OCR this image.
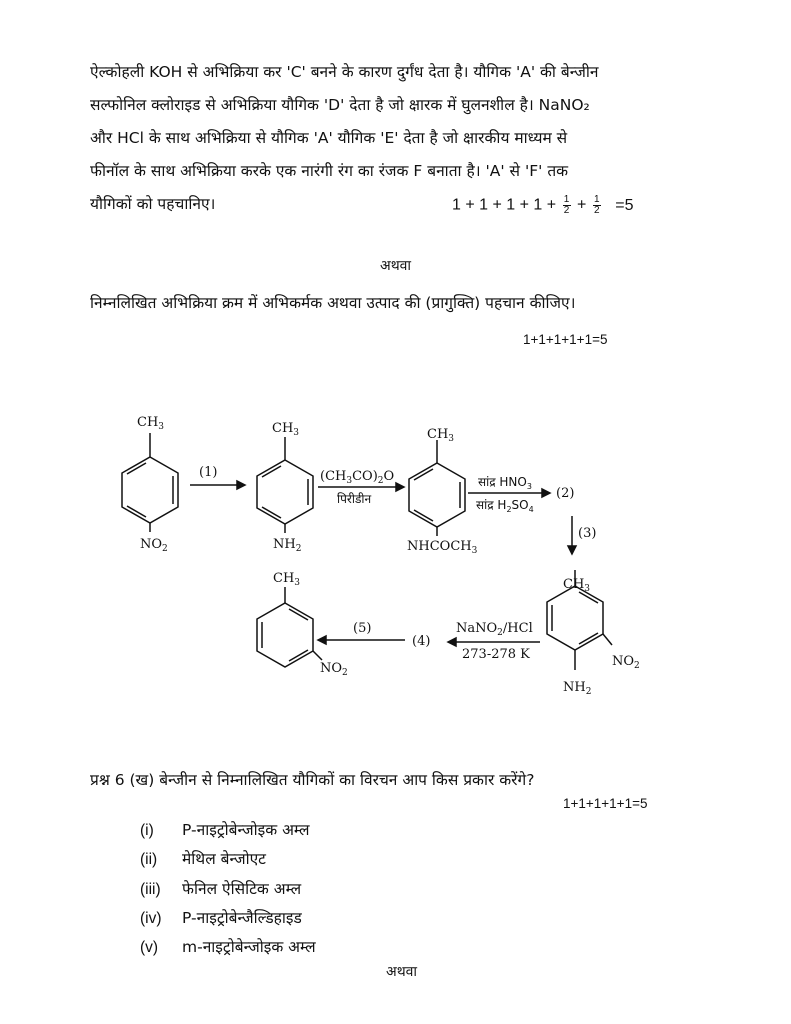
ऐल्कोहली KOH से अभिक्रिया कर 'C' बनने के कारण दुर्गंध देता है। यौगिक 'A' की बेन्जीन
सल्फोनिल क्लोराइड से अभिक्रिया यौगिक 'D' देता है जो क्षारक में घुलनशील है। NaNO₂
और HCl के साथ अभिक्रिया से यौगिक 'A' यौगिक 'E' देता है जो क्षारकीय माध्यम से
फीनॉल के साथ अभिक्रिया करके एक नारंगी रंग का रंजक F बनाता है। 'A' से 'F' तक
यौगिकों को पहचानिए।	$1 + 1 + 1 + 1 + \frac{1}{2} + \frac{1}{2} =5$
अथवा
निम्नलिखित अभिक्रिया क्रम में अभिकर्मक अथवा उत्पाद की (प्रागुक्ति) पहचान कीजिए।
1+1+1+1+1=5
$CH_3$
$NO_2$
(1)
$CH_3$
$NH_2$
$(CH_3CO)_2O$
पिरीडीन
$CH_3$
$NHCOCH_3$
सांद्र $HNO_3$
सांद्र $H_2SO_4$
(2)
(3)
$CH_3$
$NO_2$
$NH_2$
NaNO$_2$/HCl
273-278 K
(4)
(5)
$CH_3$
$NO_2$
प्रश्न 6 (ख) बेन्जीन से निम्नालिखित यौगिकों का विरचन आप किस प्रकार करेंगे?
1+1+1+1+1=5
(i) P-नाइट्रोबेन्जोइक अम्ल
(ii) मेथिल बेन्जोएट
(iii) फेनिल ऐसिटिक अम्ल
(iv) P-नाइट्रोबेन्जैल्डिहाइड
(v) m-नाइट्रोबेन्जोइक अम्ल
अथवा
